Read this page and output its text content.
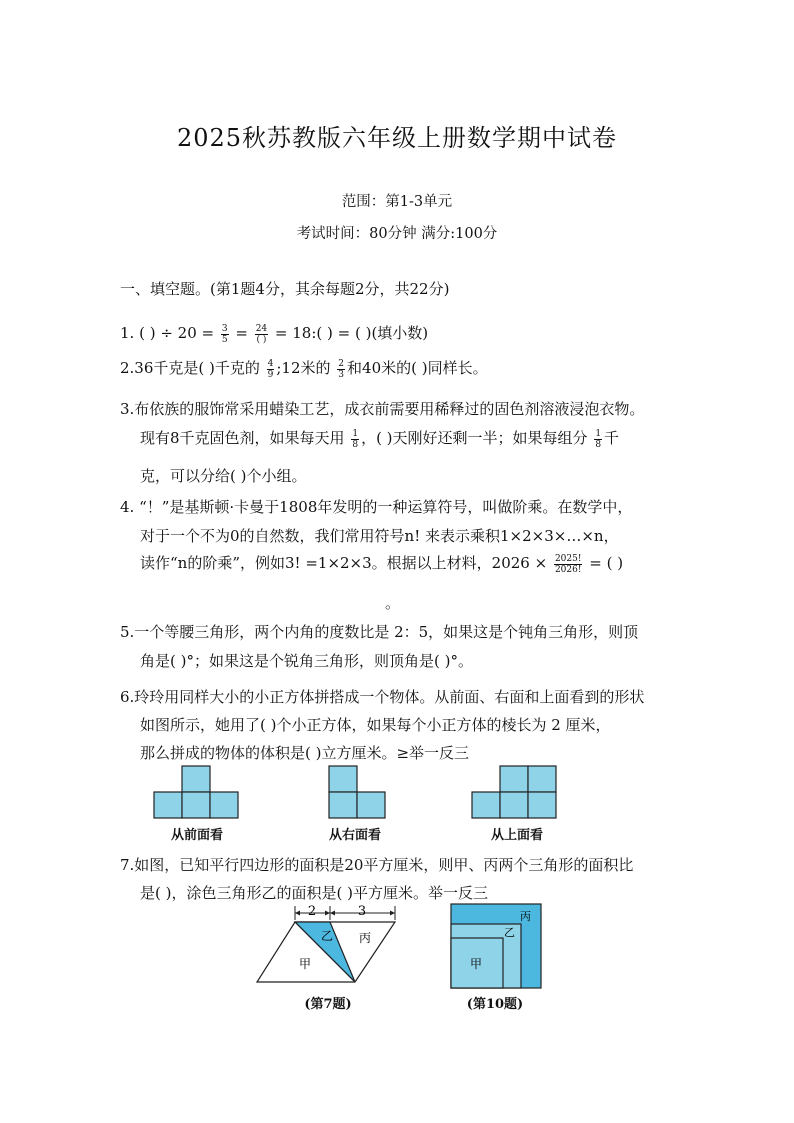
2025秋苏教版六年级上册数学期中试卷
范围：第1-3单元
考试时间：80分钟 满分:100分
一、填空题。(第1题4分，其余每题2分，共22分)
1. ( ) ÷ $20 = \frac{3}{5} = \frac{24}{( )}$ = 18:( ) = ( )(填小数)
2.36千克是( )千克的 $\frac{4}{9}$ ;12米的 $\frac{2}{3}$ 和40米的( )同样长。
3.布依族的服饰常采用蜡染工艺，成衣前需要用稀释过的固色剂溶液浸泡衣物。
现有8千克固色剂，如果每天用 $\frac{1}{8}$ ，( )天刚好还剩一半；如果每组分 $\frac{1}{8}$ 千
克，可以分给( )个小组。
4. “！”是基斯顿·卡曼于1808年发明的一种运算符号，叫做阶乘。在数学中，
对于一个不为0的自然数，我们常用符号n! 来表示乘积1×2×3×…×n，
读作“n的阶乘”，例如3! =1×2×3。根据以上材料，$2026 \times \frac{2025!}{2026!}$ = ( )
。
5.一个等腰三角形，两个内角的度数比是 2：5，如果这是个钝角三角形，则顶
角是( )°；如果这是个锐角三角形，则顶角是( )°。
6.玲玲用同样大小的小正方体拼搭成一个物体。从前面、右面和上面看到的形状
如图所示，她用了( )个小正方体，如果每个小正方体的棱长为 2 厘米，
那么拼成的物体的体积是( )立方厘米。≥举一反三
从前面看	从右面看	从上面看
7.如图，已知平行四边形的面积是20平方厘米，则甲、丙两个三角形的面积比
是( )，涂色三角形乙的面积是( )平方厘米。举一反三
2	3
甲
乙 丙
(第7题)
丙
乙
甲
(第10题)
